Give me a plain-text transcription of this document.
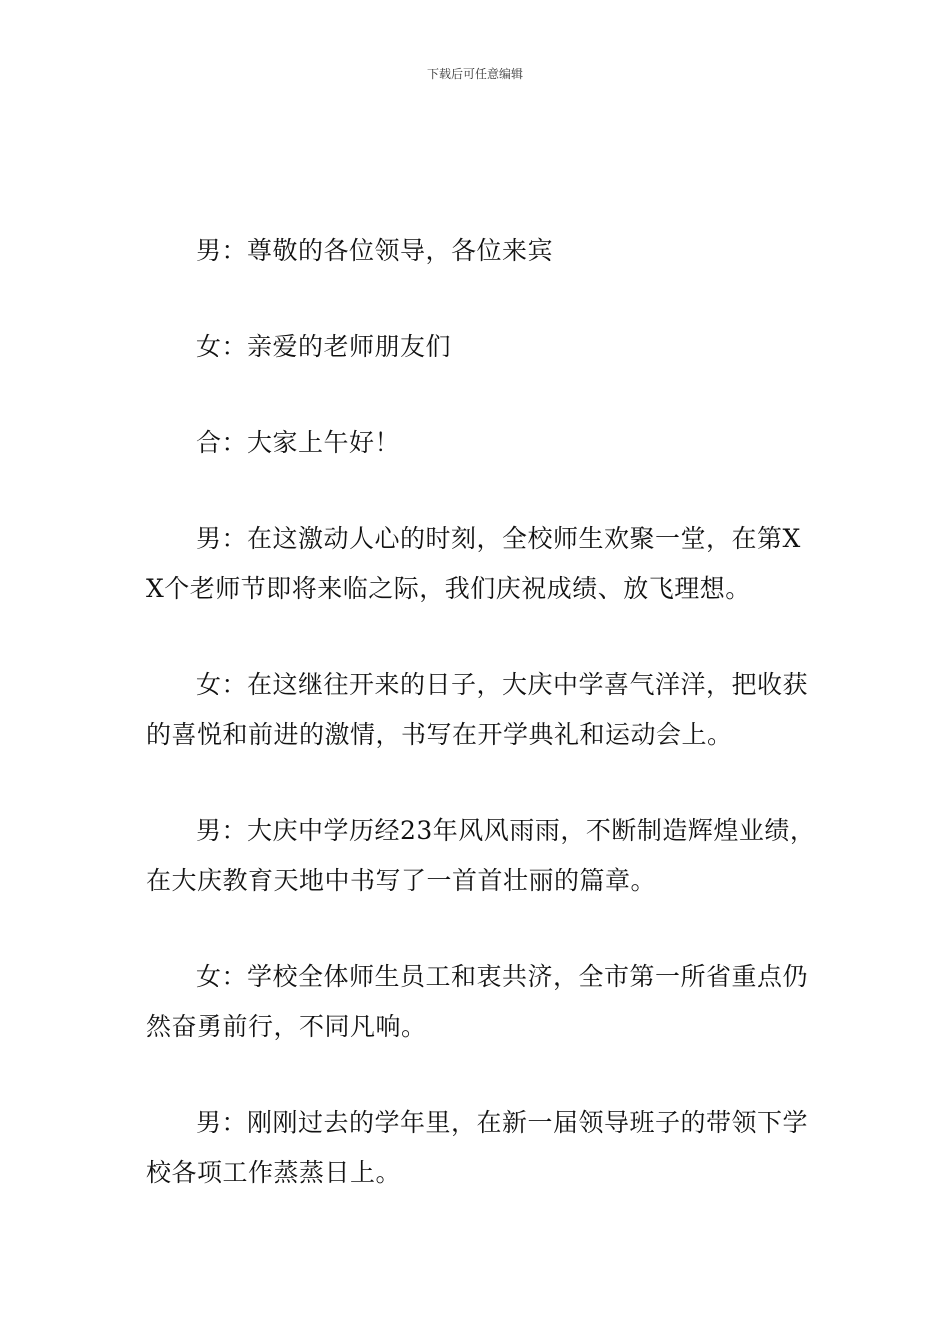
下载后可任意编辑

男：尊敬的各位领导，各位来宾

女：亲爱的老师朋友们

合：大家上午好！

男：在这激动人心的时刻，全校师生欢聚一堂，在第XX个老师节即将来临之际，我们庆祝成绩、放飞理想。

女：在这继往开来的日子，大庆中学喜气洋洋，把收获的喜悦和前进的激情，书写在开学典礼和运动会上。

男：大庆中学历经23年风风雨雨，不断制造辉煌业绩，在大庆教育天地中书写了一首首壮丽的篇章。

女：学校全体师生员工和衷共济，全市第一所省重点仍然奋勇前行，不同凡响。

男：刚刚过去的学年里，在新一届领导班子的带领下学校各项工作蒸蒸日上。
